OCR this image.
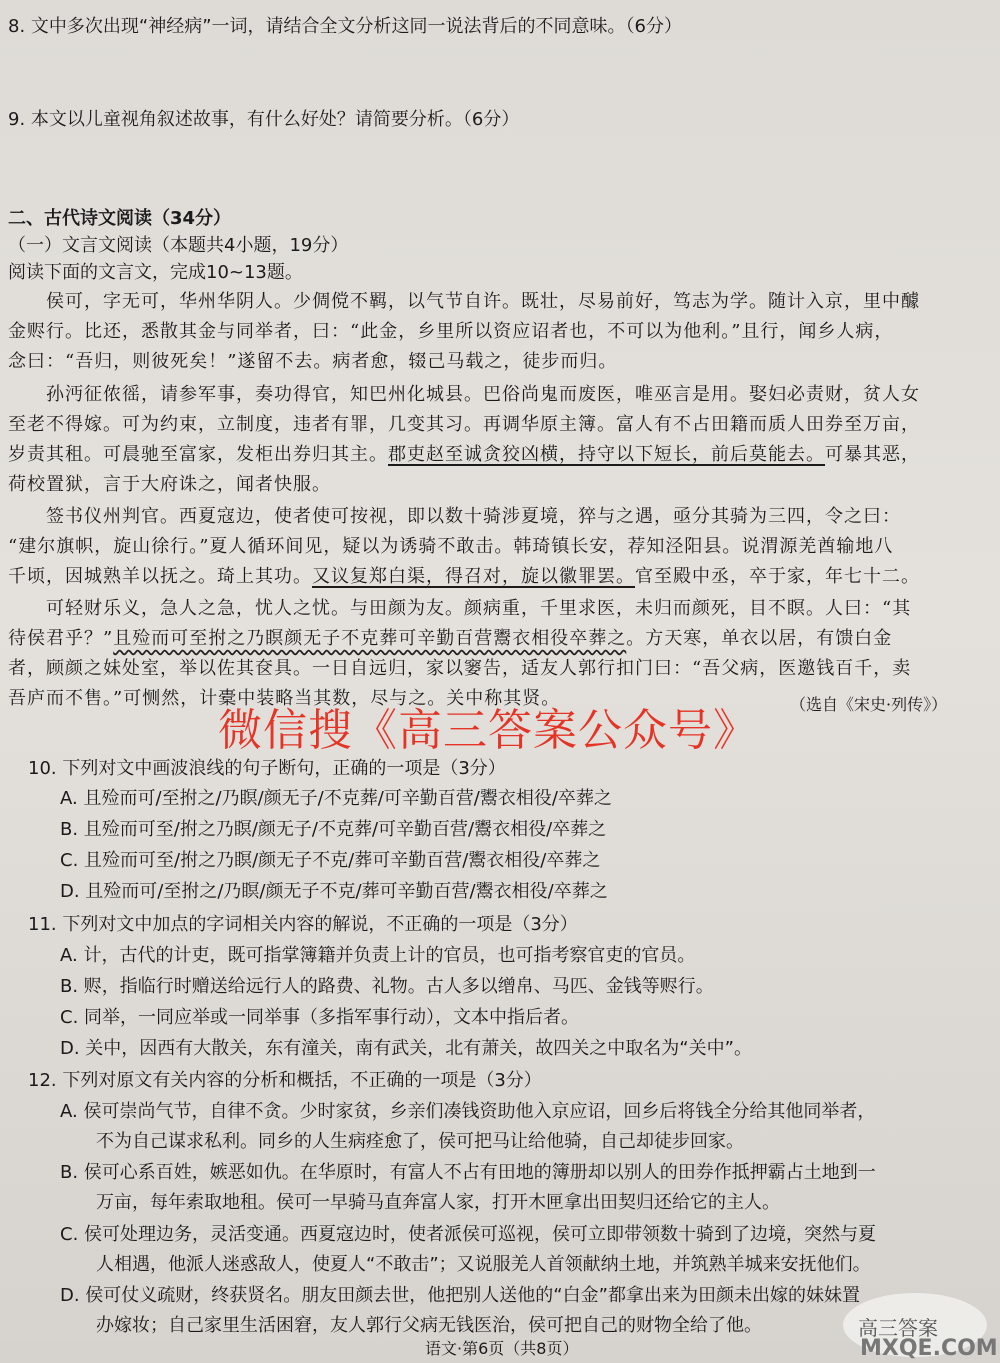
8. 文中多次出现“神经病”一词，请结合全文分析这同一说法背后的不同意味。（6分）
9. 本文以儿童视角叙述故事，有什么好处？请简要分析。（6分）
二、古代诗文阅读（34分）
（一）文言文阅读（本题共4小题，19分）
阅读下面的文言文，完成10~13题。
侯可，字无可，华州华阴人。少倜傥不羁，以气节自许。既壮，尽易前好，笃志为学。随计入京，里中醵
金赆行。比还，悉散其金与同举者，曰：“此金，乡里所以资应诏者也，不可以为他利。”且行，闻乡人病，
念曰：“吾归，则彼死矣！”遂留不去。病者愈，辍己马载之，徒步而归。
孙沔征侬徭，请参军事，奏功得官，知巴州化城县。巴俗尚鬼而废医，唯巫言是用。娶妇必责财，贫人女
至老不得嫁。可为约束，立制度，违者有罪，几变其习。再调华原主簿。富人有不占田籍而质人田券至万亩，
岁责其租。可晨驰至富家，发柜出券归其主。郡吏赵至诚贪狡凶横，持守以下短长，前后莫能去。可暴其恶，
荷校置狱，言于大府诛之，闻者快服。
签书仪州判官。西夏寇边，使者使可按视，即以数十骑涉夏境，猝与之遇，亟分其骑为三四，令之曰：
“建尔旗帜，旋山徐行。”夏人循环间见，疑以为诱骑不敢击。韩琦镇长安，荐知泾阳县。说渭源羌酋输地八
千顷，因城熟羊以抚之。琦上其功。又议复郑白渠，得召对，旋以徽罪罢。官至殿中丞，卒于家，年七十二。
可轻财乐义，急人之急，忧人之忧。与田颜为友。颜病重，千里求医，未归而颜死，目不瞑。人曰：“其
待侯君乎？”且殓而可至拊之乃瞑颜无子不克葬可辛勤百营鬻衣相役卒葬之。方天寒，单衣以居，有馈白金
者，顾颜之妹处室，举以佐其奁具。一日自远归，家以窭告，适友人郭行扣门曰：“吾父病，医邀钱百千，卖
吾庐而不售。”可恻然，计橐中装略当其数，尽与之。关中称其贤。	（选自《宋史·列传》）
微信搜《高三答案公众号》
10. 下列对文中画波浪线的句子断句，正确的一项是（3分）
A. 且殓而可/至拊之/乃瞑/颜无子/不克葬/可辛勤百营/鬻衣相役/卒葬之
B. 且殓而可至/拊之乃瞑/颜无子/不克葬/可辛勤百营/鬻衣相役/卒葬之
C. 且殓而可至/拊之乃瞑/颜无子不克/葬可辛勤百营/鬻衣相役/卒葬之
D. 且殓而可/至拊之/乃瞑/颜无子不克/葬可辛勤百营/鬻衣相役/卒葬之
11. 下列对文中加点的字词相关内容的解说，不正确的一项是（3分）
A. 计，古代的计吏，既可指掌簿籍并负责上计的官员，也可指考察官吏的官员。
B. 赆，指临行时赠送给远行人的路费、礼物。古人多以缯帛、马匹、金钱等赆行。
C. 同举，一同应举或一同举事（多指军事行动），文本中指后者。
D. 关中，因西有大散关，东有潼关，南有武关，北有萧关，故四关之中取名为“关中”。
12. 下列对原文有关内容的分析和概括，不正确的一项是（3分）
A. 侯可崇尚气节，自律不贪。少时家贫，乡亲们凑钱资助他入京应诏，回乡后将钱全分给其他同举者，
不为自己谋求私利。同乡的人生病痊愈了，侯可把马让给他骑，自己却徒步回家。
B. 侯可心系百姓，嫉恶如仇。在华原时，有富人不占有田地的簿册却以别人的田券作抵押霸占土地到一
万亩，每年索取地租。侯可一早骑马直奔富人家，打开木匣拿出田契归还给它的主人。
C. 侯可处理边务，灵活变通。西夏寇边时，使者派侯可巡视，侯可立即带领数十骑到了边境，突然与夏
人相遇，他派人迷惑敌人，使夏人“不敢击”；又说服羌人首领献纳土地，并筑熟羊城来安抚他们。
D. 侯可仗义疏财，终获贤名。朋友田颜去世，他把别人送他的“白金”都拿出来为田颜未出嫁的妹妹置
办嫁妆；自己家里生活困窘，友人郭行父病无钱医治，侯可把自己的财物全给了他。
语文·第6页（共8页）
高三答案
MXQE.COM
